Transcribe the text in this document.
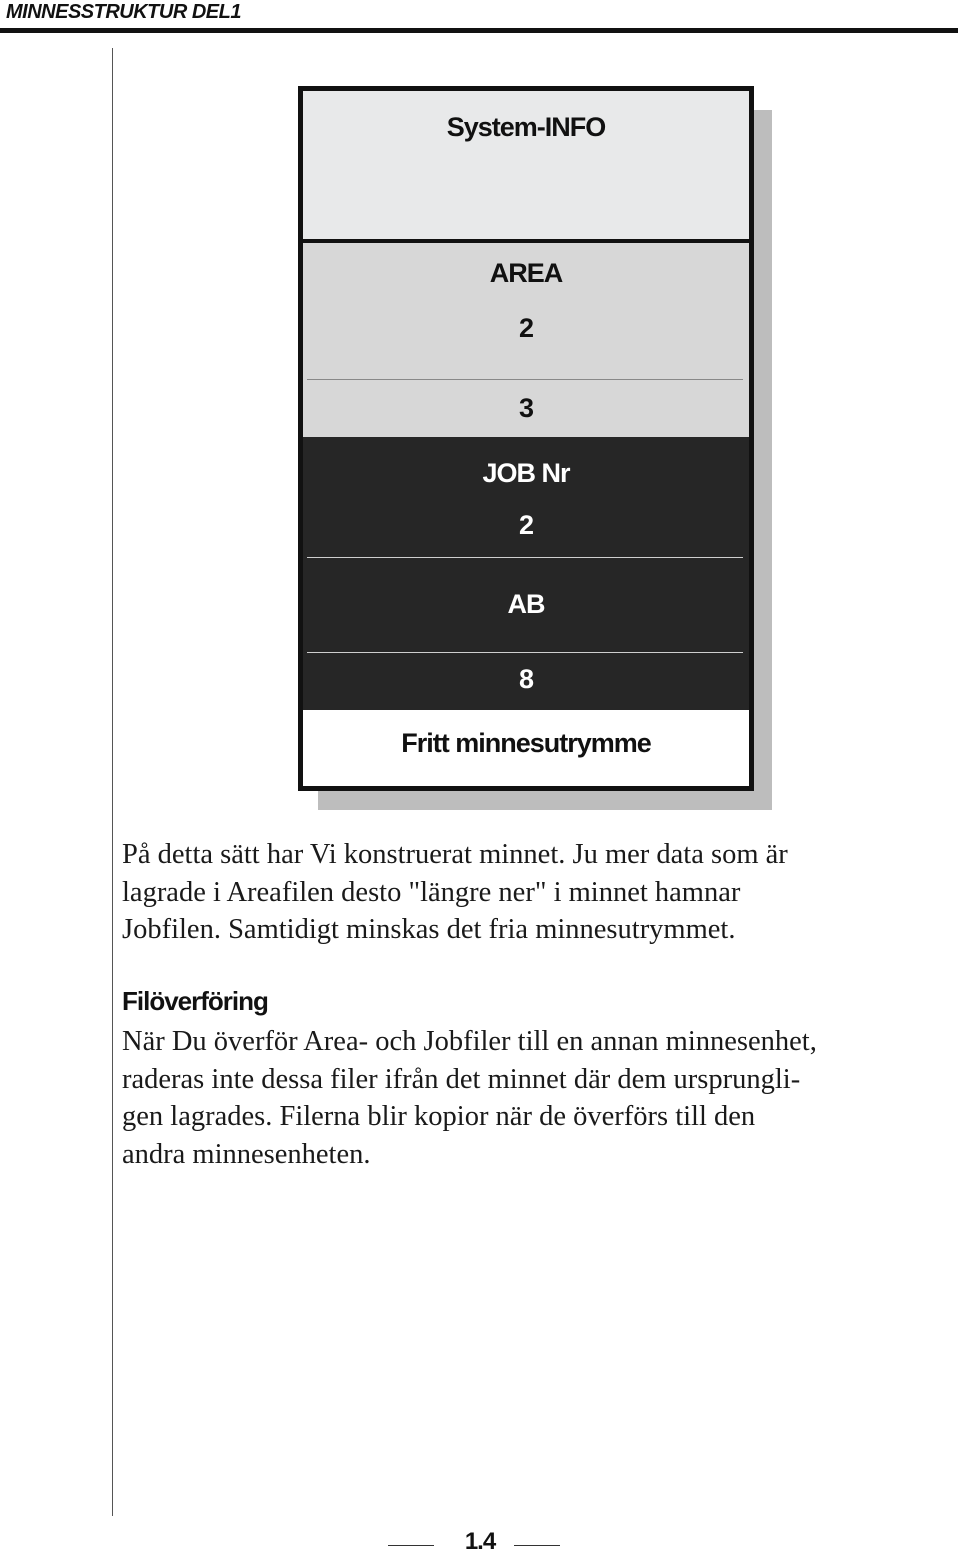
MINNESSTRUKTUR DEL1
System-INFO
AREA
2
3
JOB Nr
2
AB
8
Fritt minnesutrymme
På detta sätt har Vi konstruerat minnet. Ju mer data som är
lagrade i Areafilen desto "längre ner" i minnet hamnar
Jobfilen. Samtidigt minskas det fria minnesutrymmet.
Filöverföring
När Du överför Area- och Jobfiler till en annan minnesenhet,
raderas inte dessa filer ifrån det minnet där dem ursprungli-
gen lagrades. Filerna blir kopior när de överförs till den
andra minnesenheten.
1.4
